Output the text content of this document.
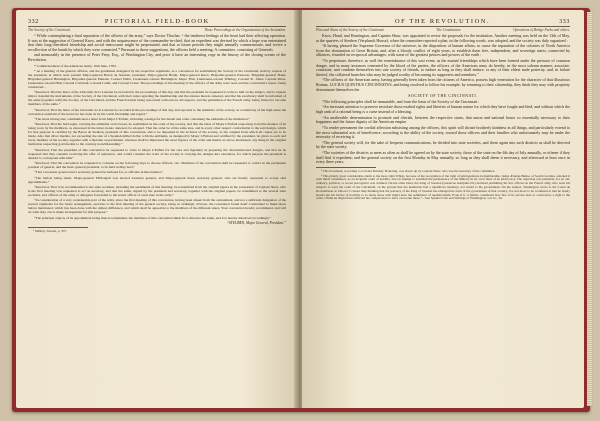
332	PICTORIAL FIELD-BOOK
The Society of the Cincinnati.	Those Proceedings in the Organization of the Institution.

“ While contemplating a final separation of the officers of the army,” says Doctor Thacher, “ the tenderest feelings of the heart had their affecting operation. It was at the suggestion of General Knox, and with the acquiescence of the commander-in-chief, that an expedient was devised by which a hope was entertained that their long-cherished friendship and social intercourse might be perpetuated, and that at future periods they might annually commemorate, and revive a recollection of the bands by which they were connected.* Pursuant to these suggestions, the officers held a meeting. A committee, consisting of Generals

and memorably in the presence of Peter Feny, Esq., of Washington City, and prior it have an interesting copy in the history of the closing scenes of the Revolution.

* Commencement of the American Army, 10th June, 1783.

* At a meeting of the general officers, and the gentlemen delegated by the respective regiments, as a convention for establishing the Society of the Cincinnati, held by request of the president, at which were present Major-general Baron de Steuben, president; Major-general Heath, Major-general Knox, Brigadier-general Paterson, Brigadier-general Hand, Brigadier-general Huntington, Brigadier-general Putnam, Colonel Webb, Lieutenant-colonel Huntington, Major Fish, Lieutenant-colonel Whiting, Colonel St. Johns, Captain Shaw, Lieutenant-colonel Hull, Colonel Cortlandt, Colonel Lamb, and Colonel Crane. The proceedings of the meeting of the officers of the army were read, and the convention's report, being considered...

“Resolved, That the letter of the Chevalier de la Luzerne be recorded in the proceedings of this day, and that the president be requested to write to him on the subject, and to request him to transmit the instruments of the Society of the Cincinnati, with their rules regarding the membership and the statutes thereto annexed, and that his excellency shall be informed of the same (together with) the Society of the Cincinnati, and the French nation being associated with ours in all respects, and the gentlemen of the French army, being invited to become members of the same.”

“Resolved, That the letter of the Chevalier de la Luzerne be recorded in the proceedings of this day, and reported to the members of the society, as a testimony of the high sense the convention entertain of the honor he has done us by his warm friendship and regard.”

“The bears having also communicated a letter from Major L'Enfant, including a design for the medal and order containing the emblems of the institution.”

“Resolved, That the bald eagle, carrying the emblems on its breast, be established as the order of the society, and that the ideas of Major L'Enfant respecting it and the manner of its being worn by the members, as expressed in the letter, hereto annexed, be adopted. That the order be of the same size, and in every other respect conformable to the said design, which for that purpose is certified by the Baron de Steuben, president of this convention, and to be deposited in the archives of the society, as the original from which all copies are to be made. Also that silver medals, not exceeding the size of a Spanish milled dollar, with the emblems, as designed by Major L'Enfant and certified by the president, be given to each and every member of the society, together with a diploma on parchment, whereon shall be impressed the exact figures of the order and medal, as above mentioned, any thing in the original institution respecting gold medals to the contrary notwithstanding.”

“Resolved, That the president of this convention be requested to write to Major L'Enfant for his care and ingenuity in preparing the aforementioned designs, and that he be requested that they consider receiving the offer of assistance, and would consider the order of the society is carrying the designs into execution, for which purpose the president is desired to correspond with him.”

“Resolved, That the convention be requested to convene on the following days to choose officers, viz.: Members of the convention shall be requested to collect in the permanent position of general, and the lieut.-general president, to be held in May next.”

“That a treasurer general and a secretary general be balloted for, to officiate in like manner.”

“The ballots being taken, Major-general M'Dougall was elected treasurer general, and Major-general Knox secretary general, who are hereby requested to accept said appointments.”

“Resolved, That it be recommended to the state societies, including the sentiments of this meeting, be transmitted from the original papers in the possession of Captain Shaw, who is the first meeting was requested to act as secretary, and that the same, signed by the president and secretary, together with the original papers, be transmitted to the several state societies, and officers of the army or delegates forwarded to the senior officer of each state in the army.”

“In consideration of a very considerable part of the army, since the first meeting of this convention, having been absent from the cantonment, and not a sufficient delegation of the several regiments for the better arrangement, previous to the first meeting of the general society, being so strikingly obvious, the convention found itself constrained to make those before mentioned, which has been done with the utmost diffidence, and which shall be agreeable to the members of the different states. Your convention hereby recommend, and will do what they can to make arrangement for that purpose.”

“The principal objects of its appointment being thus accomplished, the members of this convention think fit to dissolve the same, and it is hereby dissolved accordingly.”

“STEUBEN, Major General, President.”

¹ Military Journal, p. 337.

OF THE REVOLUTION.	333
Plan and Name of the Society of the Cincinnati.	The Constitution.	Operations of Bridge Parks and others.

Knox, Hand, and Huntington, and Captain Shaw, was appointed to revise the proposals for the institution. Another meeting was held on the 13th of May, at the quarters of Steuben (Verplanck House), when the committee reported a plan, in the following words, was adopted, and the society was duly organized :

“It having pleased the Supreme Governor of the universe, in the disposition of human affairs, to cause the separation of the colonies of North America from the domination of Great Britain, and, after a bloody conflict of eight years, to establish them free, independent, and sovereign states, connected by alliances, founded on reciprocal advantages, with some of the greatest princes and powers of the earth :

“To perpetuate, therefore, as well the remembrance of this vast event, as the mutual friendships which have been formed under the pressure of common danger, and in many instances cemented by the blood of the parties, the officers of the American army do hereby, in the most solemn manner, associate, constitute, and combine themselves into one society of friends, to endure as long as they shall endure, or any of their eldest male posterity, and, in failure thereof, the collateral branches who may be judged worthy of becoming its supporters and members.”

“The officers of the American army, having generally been taken from the citizens of America, possess high veneration for the character of that illustrious Roman, LUCIUS QUINTIUS CINCINNATUS, and being resolved to follow his example, by returning to their citizenship, they think they may with propriety denominate themselves the

SOCIETY OF THE CINCINNATI.

“The following principles shall be immutable, and form the basis of the Society of the Cincinnati :

“An incessant attention to preserve inviolate those exalted rights and liberties of human nature for which they have fought and bled, and without which the high rank of a rational being is a curse instead of a blessing.

“An unalterable determination to promote and cherish, between the respective states, that union and national honor so essentially necessary to their happiness and the future dignity of the American empire.

“To render permanent the cordial affection subsisting among the officers, this spirit will dictate brotherly kindness in all things, and particularly extend to the most substantial acts of beneficence, according to the ability of the society, toward those officers and their families who unfortunately may be under the necessity of receiving it.

“The general society will, for the sake of frequent communications, be divided into state societies, and those again into such districts as shall be directed by the state society.

“The societies of the districts to meet as often as shall be agreed on by the state society; those of the state on the 4th day of July annually, or oftener if they shall find it expedient; and the general society on the first Monday in May annually, so long as they shall deem it necessary, and afterward at least once in every three years.

¹ This document, according to Colonel Timothy Pickering, was drawn up by Captain Shaw, who was the secretary of the committee.

² This plainly great considerable alarm to the more rigid Whigs, because of the recognition of the right of primogeniture in membership. Judge Ædanus Burke, of South Carolina, attacked it with much vehemence, as an incipient order of nobility, and an attempt to establish the permanence of the military in its overt lines of an aristocracy. The objection was plausible, for an old, ordinary, political, or social prerogative was claimed. On the other hand, the King of Sweden (Gustavus Adolphus III.) declined permitting his few officers in the French army who were his subjects to wear the order of the Cincinnati, on the ground that the institution had a republican tendency, not suited to his government. On the subject, Washington wrote to the Count de Rochambeau as follows: I cannot help thinking that the jealousy of the King of Sweden has emerged the form of his government of that country, it is not more to be wondered at that he barely should put his barrier of hostility to so many those with might have the semblance of republicanism. Even if it, it further considered how few of its service had, or could have, a right to the order, I think he might have reflected his complacence to have overcome these.”—See Sparks's Life and Writings of Washington, vol. ix., 34.
